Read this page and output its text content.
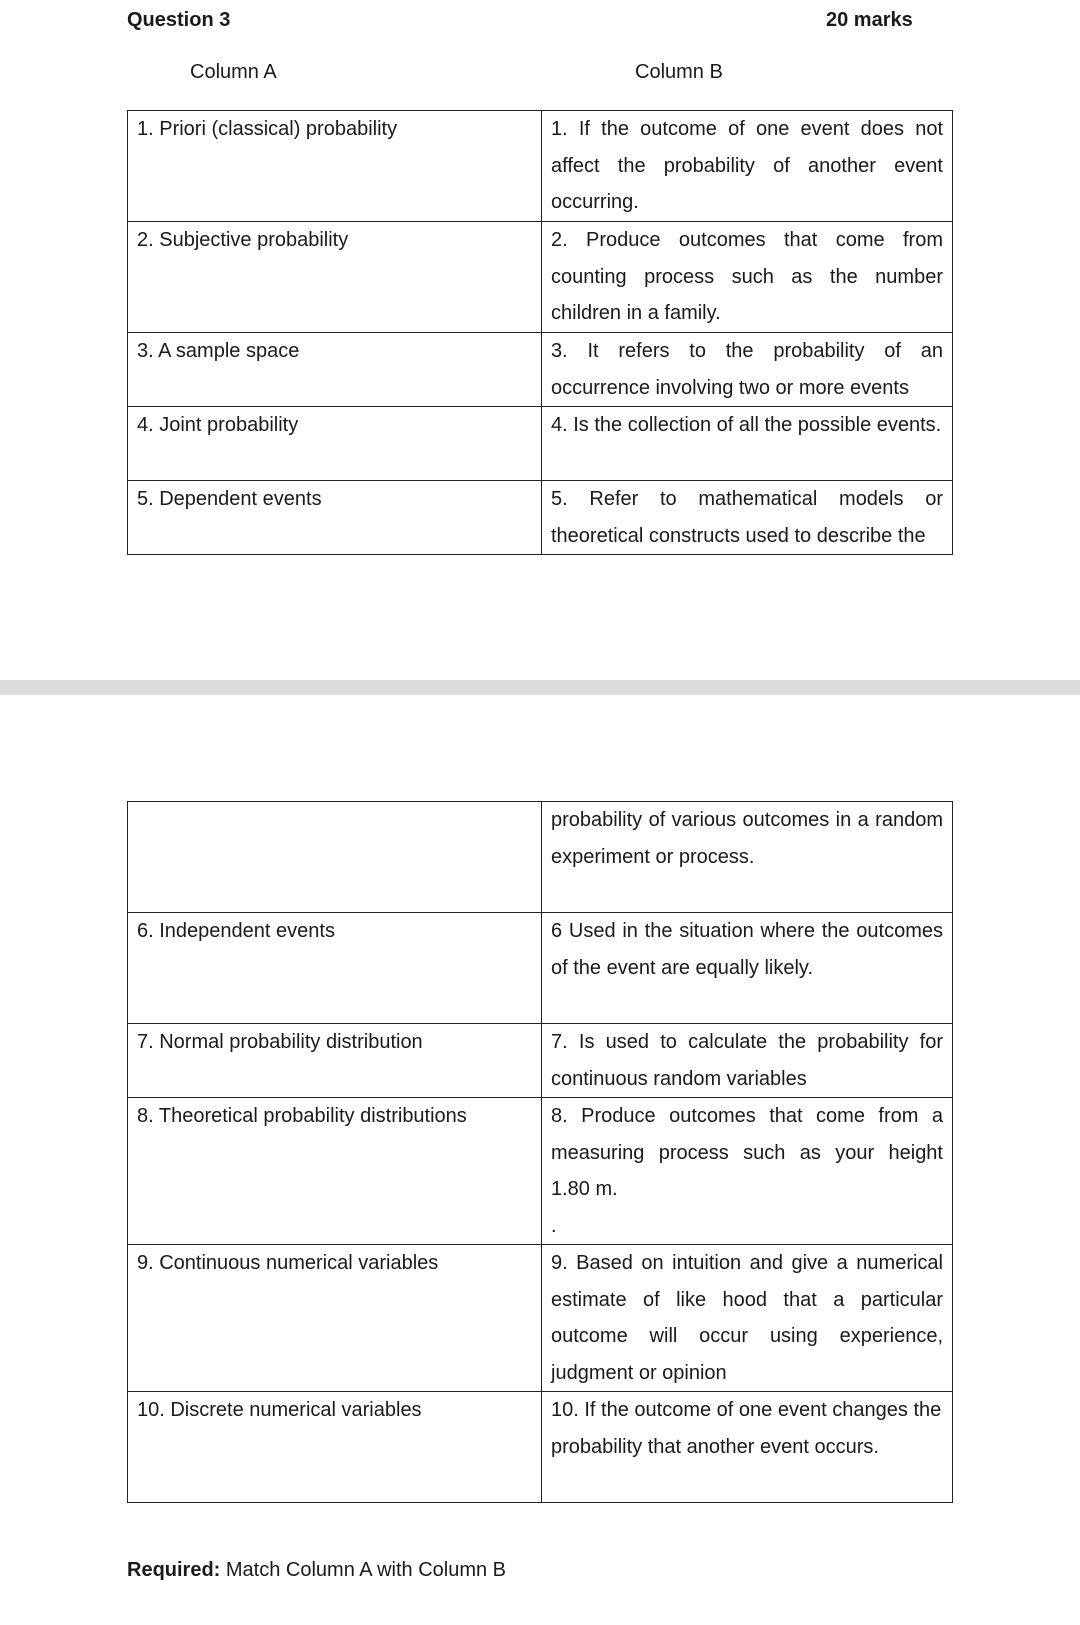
Question 3	20 marks
Column A	Column B
1. Priori (classical) probability	1. If the outcome of one event does not affect the probability of another event occurring.
2. Subjective probability	2. Produce outcomes that come from counting process such as the number children in a family.
3. A sample space	3. It refers to the probability of an occurrence involving two or more events
4. Joint probability	4. Is the collection of all the possible events.
5. Dependent events	5. Refer to mathematical models or theoretical constructs used to describe the
	probability of various outcomes in a random experiment or process.
6. Independent events	6 Used in the situation where the outcomes of the event are equally likely.
7. Normal probability distribution	7. Is used to calculate the probability for continuous random variables
8. Theoretical probability distributions	8. Produce outcomes that come from a measuring process such as your height 1.80 m.
.
9. Continuous numerical variables	9. Based on intuition and give a numerical estimate of like hood that a particular outcome will occur using experience, judgment or opinion
10. Discrete numerical variables	10. If the outcome of one event changes the
probability that another event occurs.
Required: Match Column A with Column B
